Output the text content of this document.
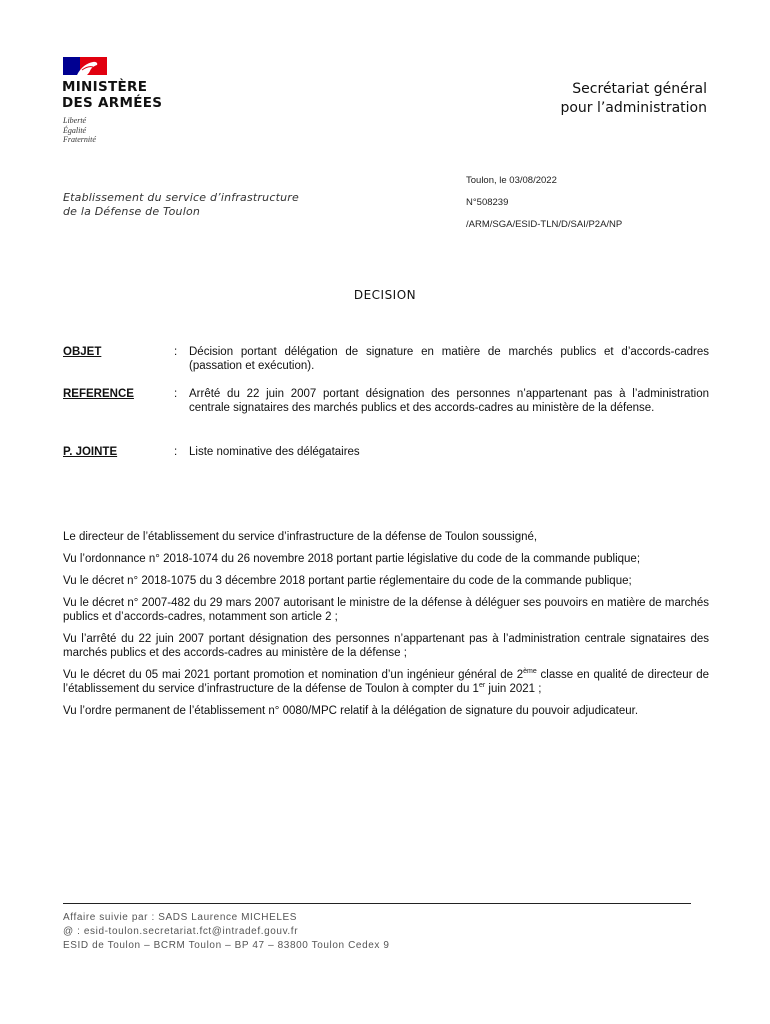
MINISTÈRE
DES ARMÉES
Liberté
Égalité
Fraternité
Secrétariat général
pour l’administration
Etablissement du service d’infrastructure
de la Défense de Toulon
Toulon, le 03/08/2022
N°508239
/ARM/SGA/ESID-TLN/D/SAI/P2A/NP
DECISION
OBJET	: Décision portant délégation de signature en matière de marchés publics et d’accords-cadres (passation et exécution).
REFERENCE	: Arrêté du 22 juin 2007 portant désignation des personnes n’appartenant pas à l’administration centrale signataires des marchés publics et des accords-cadres au ministère de la défense.
P. JOINTE	: Liste nominative des délégataires

Le directeur de l’établissement du service d’infrastructure de la défense de Toulon soussigné,

Vu l’ordonnance n° 2018-1074 du 26 novembre 2018 portant partie législative du code de la commande publique;

Vu le décret n° 2018-1075 du 3 décembre 2018 portant partie réglementaire du code de la commande publique;

Vu le décret n° 2007-482 du 29 mars 2007 autorisant le ministre de la défense à déléguer ses pouvoirs en matière de marchés publics et d’accords-cadres, notamment son article 2 ;

Vu l’arrêté du 22 juin 2007 portant désignation des personnes n’appartenant pas à l’administration centrale signataires des marchés publics et des accords-cadres au ministère de la défense ;

Vu le décret du 05 mai 2021 portant promotion et nomination d’un ingénieur général de 2ème classe en qualité de directeur de l’établissement du service d’infrastructure de la défense de Toulon à compter du 1er juin 2021 ;

Vu l’ordre permanent de l’établissement n° 0080/MPC relatif à la délégation de signature du pouvoir adjudicateur.

Affaire suivie par : SADS Laurence MICHELES
@ : esid-toulon.secretariat.fct@intradef.gouv.fr
ESID de Toulon – BCRM Toulon – BP 47 – 83800 Toulon Cedex 9
